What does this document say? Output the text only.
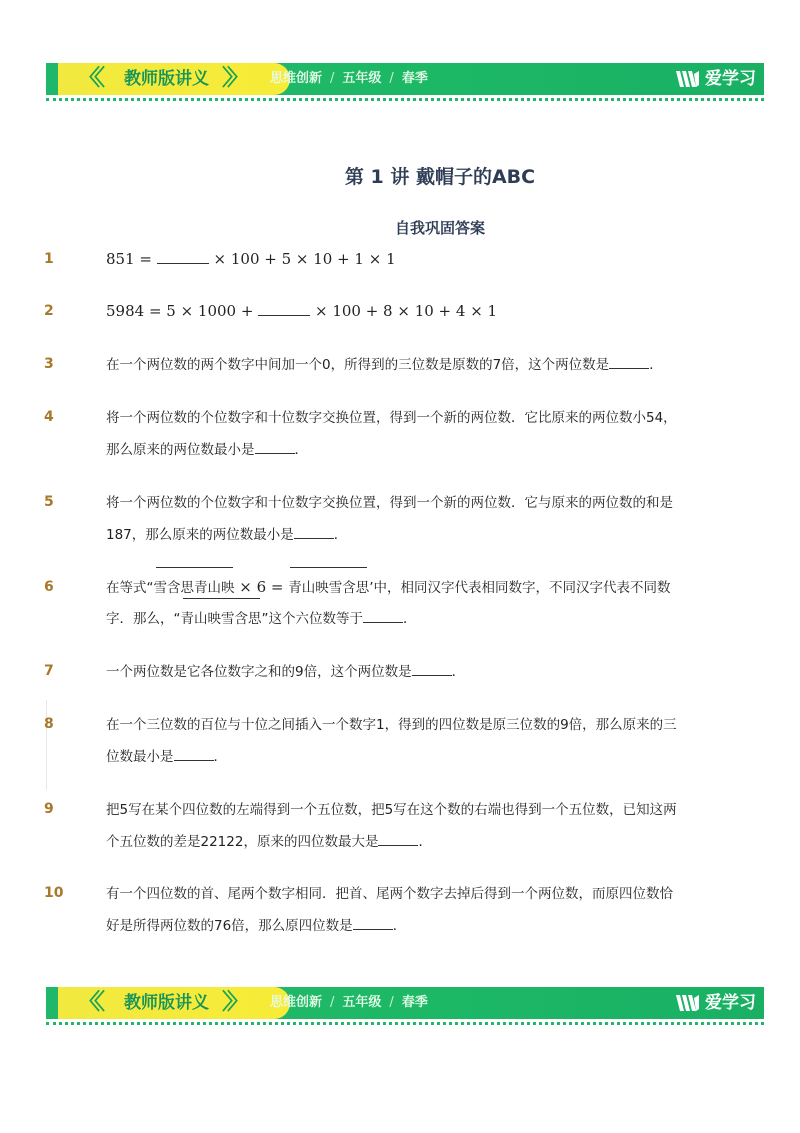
〈〈 教师版讲义 〉〉 思维创新 / 五年级 / 春季	爱学习
第 1 讲 戴帽子的ABC
自我巩固答案
1	851 =	× 100 + 5 × 10 + 1 × 1
2	5984 = 5 × 1000 +	× 100 + 8 × 10 + 4 × 1
3	在一个两位数的两个数字中间加一个0，所得到的三位数是原数的7倍，这个两位数是	．
4	将一个两位数的个位数字和十位数字交换位置，得到一个新的两位数．它比原来的两位数小54，
那么原来的两位数最小是	．
5	将一个两位数的个位数字和十位数字交换位置，得到一个新的两位数．它与原来的两位数的和是
187，那么原来的两位数最小是	．
6	在等式“雪含思青山映 × 6 = 青山映雪含思’中，相同汉字代表相同数字，不同汉字代表不同数
字．那么，“青山映雪含思”这个六位数等于	．
7	一个两位数是它各位数字之和的9倍，这个两位数是	．
8	在一个三位数的百位与十位之间插入一个数字1，得到的四位数是原三位数的9倍，那么原来的三
位数最小是	．
9	把5写在某个四位数的左端得到一个五位数，把5写在这个数的右端也得到一个五位数，已知这两
个五位数的差是22122，原来的四位数最大是	．
10	有一个四位数的首、尾两个数字相同．把首、尾两个数字去掉后得到一个两位数，而原四位数恰
好是所得两位数的76倍，那么原四位数是	．
〈〈 教师版讲义 〉〉 思维创新 / 五年级 / 春季	爱学习
